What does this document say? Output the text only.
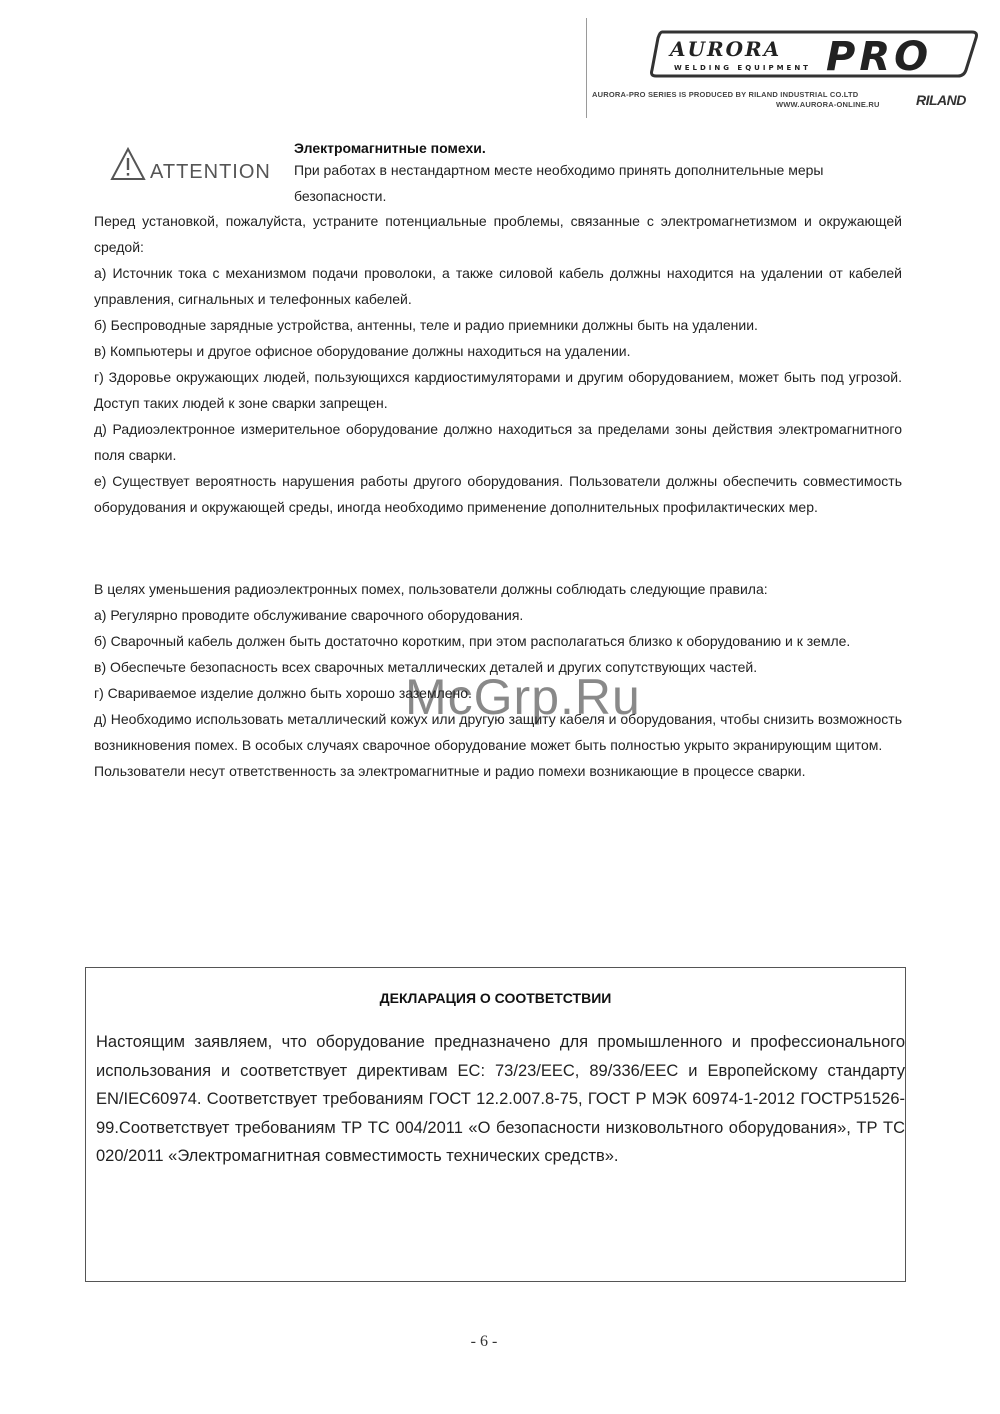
AURORA
WELDING EQUIPMENT PRO
AURORA-PRO SERIES IS PRODUCED BY RILAND INDUSTRIAL CO.LTD
WWW.AURORA-ONLINE.RU	RILAND
ATTENTION
Электромагнитные помехи.
При работах в нестандартном месте необходимо принять дополнительные меры безопасности.

Перед установкой, пожалуйста, устраните потенциальные проблемы, связанные с электромагнетизмом и окружающей средой:

а) Источник тока с механизмом подачи проволоки, а также силовой кабель должны находится на удалении от кабелей управления, сигнальных и телефонных кабелей.

б) Беспроводные зарядные устройства, антенны, теле и радио приемники должны быть на удалении.

в) Компьютеры и другое офисное оборудование должны находиться на удалении.

г) Здоровье окружающих людей, пользующихся кардиостимуляторами и другим оборудованием, может быть под угрозой. Доступ таких людей к зоне сварки запрещен.

д) Радиоэлектронное измерительное оборудование должно находиться за пределами зоны действия электромагнитного поля сварки.

е) Существует вероятность нарушения работы другого оборудования. Пользователи должны обеспечить совместимость оборудования и окружающей среды, иногда необходимо применение дополнительных профилактических мер.

В целях уменьшения радиоэлектронных помех, пользователи должны соблюдать следующие правила:

а) Регулярно проводите обслуживание сварочного оборудования.

б) Сварочный кабель должен быть достаточно коротким, при этом располагаться близко к оборудованию и к земле.

в) Обеспечьте безопасность всех сварочных металлических деталей и других сопутствующих частей.

г) Свариваемое изделие должно быть хорошо заземлено.

д) Необходимо использовать металлический кожух или другую защиту кабеля и оборудования, чтобы снизить возможность возникновения помех. В особых случаях сварочное оборудование может быть полностью укрыто экранирующим щитом.

Пользователи несут ответственность за электромагнитные и радио помехи возникающие в процессе сварки.

McGrp.Ru
ДЕКЛАРАЦИЯ О СООТВЕТСТВИИ
Настоящим заявляем, что оборудование предназначено для промышленного и профессионального использования и соответствует директивам ЕС: 73/23/EEC, 89/336/EEC и Европейскому стандарту EN/IEC60974. Соответствует требованиям ГОСТ 12.2.007.8-75, ГОСТ Р МЭК 60974-1-2012 ГОСТР51526-99.Соответствует требованиям ТР ТС 004/2011 «О безопасности низковольтного оборудования», ТР ТС 020/2011 «Электромагнитная совместимость технических средств».
- 6 -
